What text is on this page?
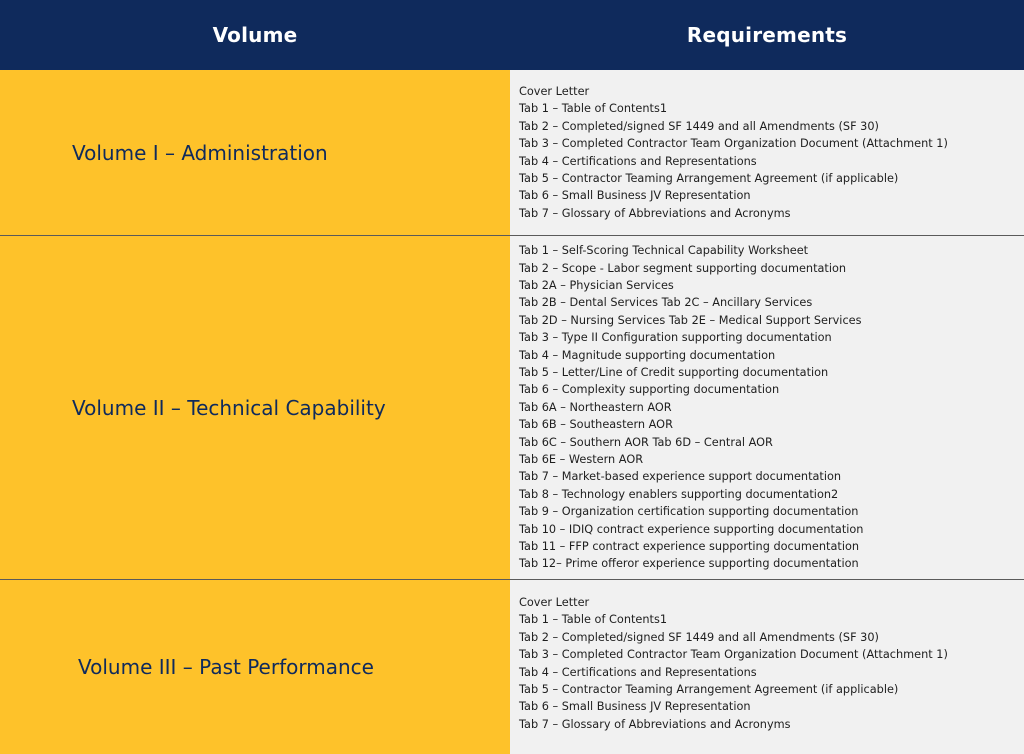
Volume	Requirements
Volume I – Administration
Cover Letter
Tab 1 – Table of Contents1
Tab 2 – Completed/signed SF 1449 and all Amendments (SF 30)
Tab 3 – Completed Contractor Team Organization Document (Attachment 1)
Tab 4 – Certifications and Representations
Tab 5 – Contractor Teaming Arrangement Agreement (if applicable)
Tab 6 – Small Business JV Representation
Tab 7 – Glossary of Abbreviations and Acronyms
Volume II – Technical Capability
Tab 1 – Self-Scoring Technical Capability Worksheet
Tab 2 – Scope - Labor segment supporting documentation
Tab 2A – Physician Services
Tab 2B – Dental Services Tab 2C – Ancillary Services
Tab 2D – Nursing Services Tab 2E – Medical Support Services
Tab 3 – Type II Configuration supporting documentation
Tab 4 – Magnitude supporting documentation
Tab 5 – Letter/Line of Credit supporting documentation
Tab 6 – Complexity supporting documentation
Tab 6A – Northeastern AOR
Tab 6B – Southeastern AOR
Tab 6C – Southern AOR Tab 6D – Central AOR
Tab 6E – Western AOR
Tab 7 – Market-based experience support documentation
Tab 8 – Technology enablers supporting documentation2
Tab 9 – Organization certification supporting documentation
Tab 10 – IDIQ contract experience supporting documentation
Tab 11 – FFP contract experience supporting documentation
Tab 12– Prime offeror experience supporting documentation
Volume III – Past Performance
Cover Letter
Tab 1 – Table of Contents1
Tab 2 – Completed/signed SF 1449 and all Amendments (SF 30)
Tab 3 – Completed Contractor Team Organization Document (Attachment 1)
Tab 4 – Certifications and Representations
Tab 5 – Contractor Teaming Arrangement Agreement (if applicable)
Tab 6 – Small Business JV Representation
Tab 7 – Glossary of Abbreviations and Acronyms
